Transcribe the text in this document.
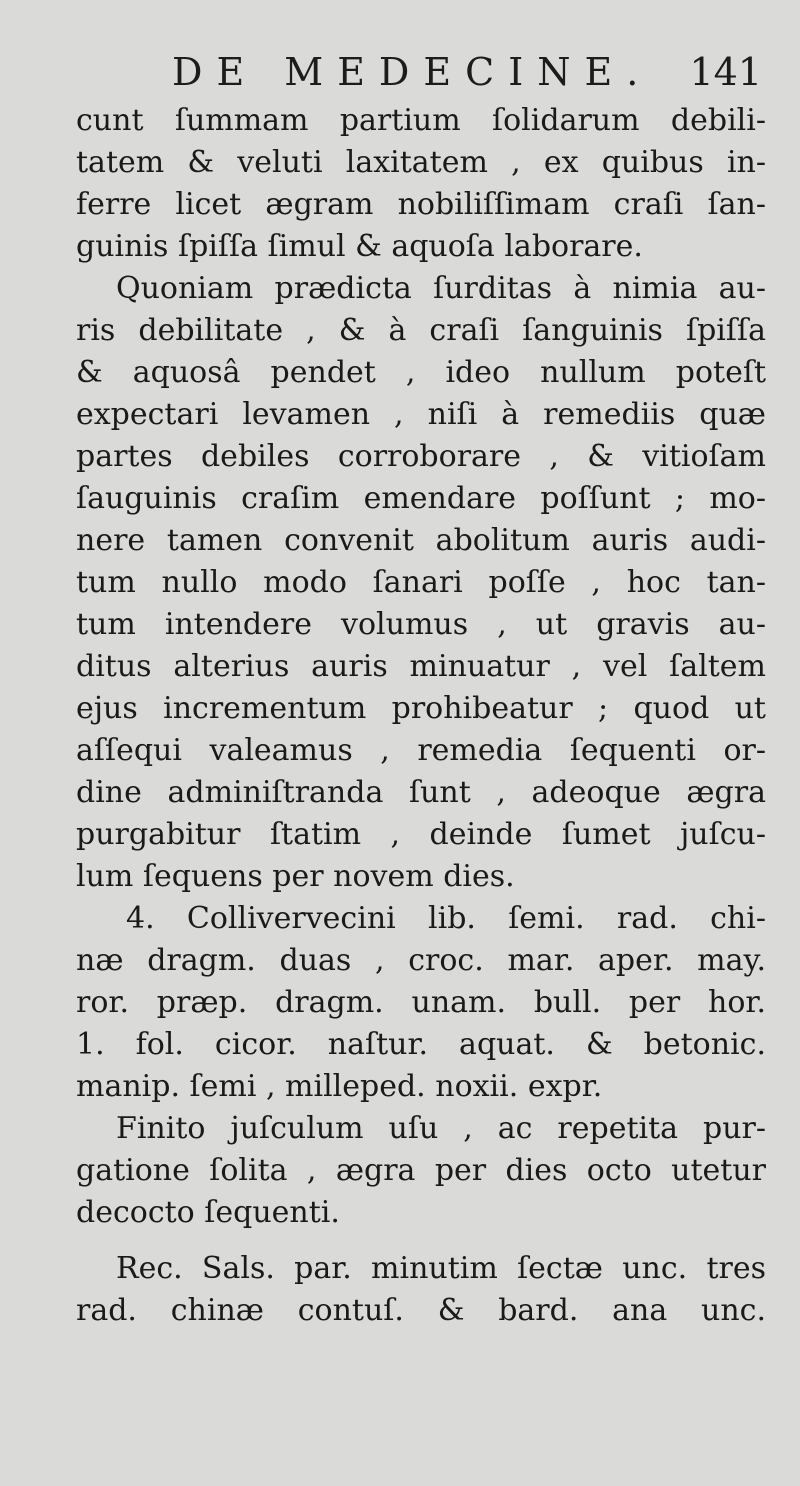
DE MEDECINE. 141
cunt ſummam partium ſolidarum debili-
tatem & veluti laxitatem , ex quibus in-
ferre licet ægram nobiliſſimam craſi ſan-
guinis ſpiſſa ſimul & aquoſa laborare.
Quoniam prædicta ſurditas à nimia au-
ris debilitate , & à craſi ſanguinis ſpiſſa
& aquosâ pendet , ideo nullum poteſt
expectari levamen , niſi à remediis quæ
partes debiles corroborare , & vitioſam
ſauguinis craſim emendare poſſunt ; mo-
nere tamen convenit abolitum auris audi-
tum nullo modo ſanari poſſe , hoc tan-
tum intendere volumus , ut gravis au-
ditus alterius auris minuatur , vel ſaltem
ejus incrementum prohibeatur ; quod ut
aſſequi valeamus , remedia ſequenti or-
dine adminiſtranda ſunt , adeoque ægra
purgabitur ſtatim , deinde ſumet juſcu-
lum ſequens per novem dies.
4. Collivervecini lib. ſemi. rad. chi-
næ dragm. duas , croc. mar. aper. may.
ror. præp. dragm. unam. bull. per hor.
1. fol. cicor. naſtur. aquat. & betonic.
manip. ſemi , milleped. noxii. expr.
Finito juſculum uſu , ac repetita pur-
gatione ſolita , ægra per dies octo utetur
decocto ſequenti.
Rec. Sals. par. minutim ſectæ unc. tres
rad. chinæ contuſ. & bard. ana unc.
